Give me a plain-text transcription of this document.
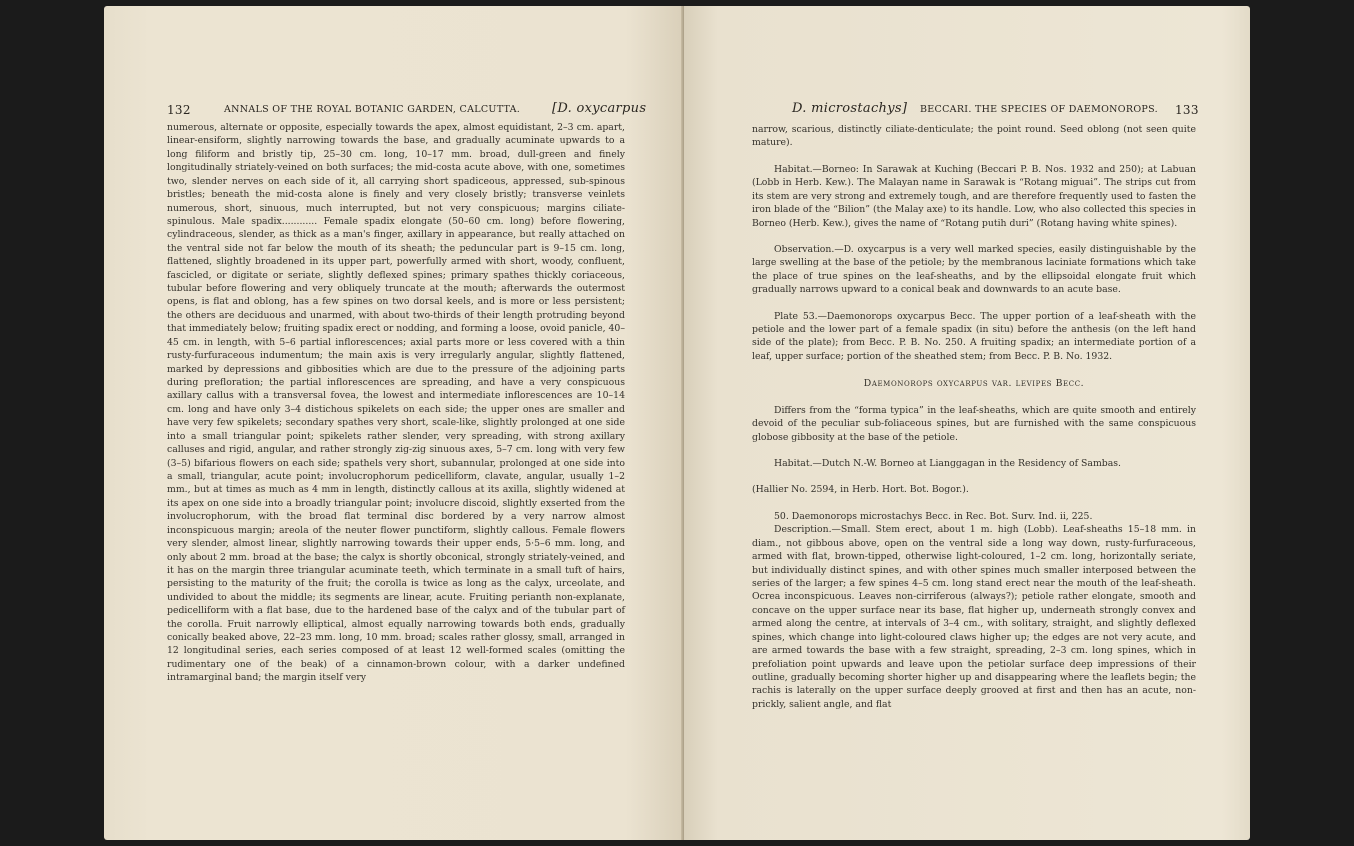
132	ANNALS OF THE ROYAL BOTANIC GARDEN, CALCUTTA. [D. oxycarpus

numerous, alternate or opposite, especially towards the apex, almost equidistant, 2–3 cm. apart, linear-ensiform, slightly narrowing towards the base, and gradually acuminate upwards to a long filiform and bristly tip, 25–30 cm. long, 10–17 mm. broad, dull-green and finely longitudinally striately-veined on both surfaces; the mid-costa acute above, with one, sometimes two, slender nerves on each side of it, all carrying short spadiceous, appressed, sub-spinous bristles; beneath the mid-costa alone is finely and very closely bristly; transverse veinlets numerous, short, sinuous, much interrupted, but not very conspicuous; margins ciliate-spinulous. Male spadix............ Female spadix elongate (50–60 cm. long) before flowering, cylindraceous, slender, as thick as a man's finger, axillary in appearance, but really attached on the ventral side not far below the mouth of its sheath; the peduncular part is 9–15 cm. long, flattened, slightly broadened in its upper part, powerfully armed with short, woody, confluent, fascicled, or digitate or seriate, slightly deflexed spines; primary spathes thickly coriaceous, tubular before flowering and very obliquely truncate at the mouth; afterwards the outermost opens, is flat and oblong, has a few spines on two dorsal keels, and is more or less persistent; the others are deciduous and unarmed, with about two-thirds of their length protruding beyond that immediately below; fruiting spadix erect or nodding, and forming a loose, ovoid panicle, 40–45 cm. in length, with 5–6 partial inflorescences; axial parts more or less covered with a thin rusty-furfuraceous indumentum; the main axis is very irregularly angular, slightly flattened, marked by depressions and gibbosities which are due to the pressure of the adjoining parts during prefloration; the partial inflorescences are spreading, and have a very conspicuous axillary callus with a transversal fovea, the lowest and intermediate inflorescences are 10–14 cm. long and have only 3–4 distichous spikelets on each side; the upper ones are smaller and have very few spikelets; secondary spathes very short, scale-like, slightly prolonged at one side into a small triangular point; spikelets rather slender, very spreading, with strong axillary calluses and rigid, angular, and rather strongly zig-zig sinuous axes, 5–7 cm. long with very few (3–5) bifarious flowers on each side; spathels very short, subannular, prolonged at one side into a small, triangular, acute point; involucrophorum pedicelliform, clavate, angular, usually 1–2 mm., but at times as much as 4 mm in length, distinctly callous at its axilla, slightly widened at its apex on one side into a broadly triangular point; involucre discoid, slightly exserted from the involucrophorum, with the broad flat terminal disc bordered by a very narrow almost inconspicuous margin; areola of the neuter flower punctiform, slightly callous. Female flowers very slender, almost linear, slightly narrowing towards their upper ends, 5·5–6 mm. long, and only about 2 mm. broad at the base; the calyx is shortly obconical, strongly striately-veined, and it has on the margin three triangular acuminate teeth, which terminate in a small tuft of hairs, persisting to the maturity of the fruit; the corolla is twice as long as the calyx, urceolate, and undivided to about the middle; its segments are linear, acute. Fruiting perianth non-explanate, pedicelliform with a flat base, due to the hardened base of the calyx and of the tubular part of the corolla. Fruit narrowly elliptical, almost equally narrowing towards both ends, gradually conically beaked above, 22–23 mm. long, 10 mm. broad; scales rather glossy, small, arranged in 12 longitudinal series, each series composed of at least 12 well-formed scales (omitting the rudimentary one of the beak) of a cinnamon-brown colour, with a darker undefined intramarginal band; the margin itself very

D. microstachys] BECCARI. THE SPECIES OF DAEMONOROPS. 133

narrow, scarious, distinctly ciliate-denticulate; the point round. Seed oblong (not seen quite mature).

Habitat.—Borneo: In Sarawak at Kuching (Beccari P. B. Nos. 1932 and 250); at Labuan (Lobb in Herb. Kew.). The Malayan name in Sarawak is “Rotang miguai”. The strips cut from its stem are very strong and extremely tough, and are therefore frequently used to fasten the iron blade of the “Bilion” (the Malay axe) to its handle. Low, who also collected this species in Borneo (Herb. Kew.), gives the name of “Rotang putih duri” (Rotang having white spines).

Observation.—D. oxycarpus is a very well marked species, easily distinguishable by the large swelling at the base of the petiole; by the membranous laciniate formations which take the place of true spines on the leaf-sheaths, and by the ellipsoidal elongate fruit which gradually narrows upward to a conical beak and downwards to an acute base.

Plate 53.—Daemonorops oxycarpus Becc. The upper portion of a leaf-sheath with the petiole and the lower part of a female spadix (in situ) before the anthesis (on the left hand side of the plate); from Becc. P. B. No. 250. A fruiting spadix; an intermediate portion of a leaf, upper surface; portion of the sheathed stem; from Becc. P. B. No. 1932.

Daemonorops oxycarpus var. levipes Becc.

Differs from the “forma typica” in the leaf-sheaths, which are quite smooth and entirely devoid of the peculiar sub-foliaceous spines, but are furnished with the same conspicuous globose gibbosity at the base of the petiole.

Habitat.—Dutch N.-W. Borneo at Lianggagan in the Residency of Sambas.

(Hallier No. 2594, in Herb. Hort. Bot. Bogor.).

50. Daemonorops microstachys Becc. in Rec. Bot. Surv. Ind. ii, 225.

Description.—Small. Stem erect, about 1 m. high (Lobb). Leaf-sheaths 15–18 mm. in diam., not gibbous above, open on the ventral side a long way down, rusty-furfuraceous, armed with flat, brown-tipped, otherwise light-coloured, 1–2 cm. long, horizontally seriate, but individually distinct spines, and with other spines much smaller interposed between the series of the larger; a few spines 4–5 cm. long stand erect near the mouth of the leaf-sheath. Ocrea inconspicuous. Leaves non-cirriferous (always?); petiole rather elongate, smooth and concave on the upper surface near its base, flat higher up, underneath strongly convex and armed along the centre, at intervals of 3–4 cm., with solitary, straight, and slightly deflexed spines, which change into light-coloured claws higher up; the edges are not very acute, and are armed towards the base with a few straight, spreading, 2–3 cm. long spines, which in prefoliation point upwards and leave upon the petiolar surface deep impressions of their outline, gradually becoming shorter higher up and disappearing where the leaflets begin; the rachis is laterally on the upper surface deeply grooved at first and then has an acute, non-prickly, salient angle, and flat
